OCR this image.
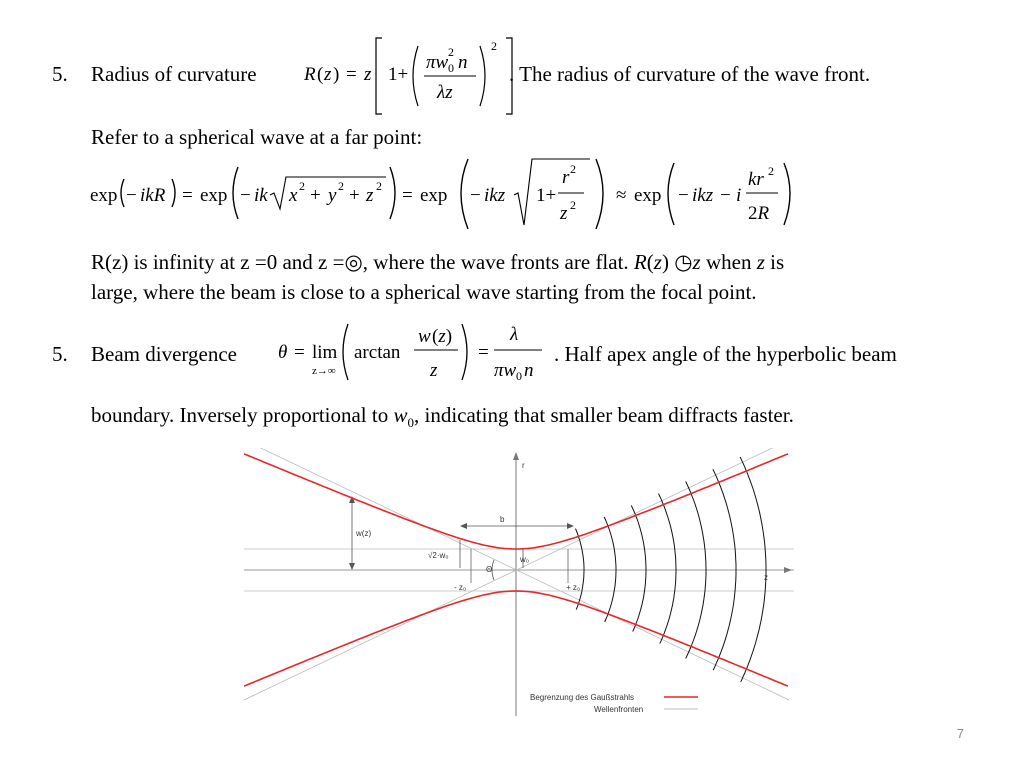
5. Radius of curvature R ( z ) = z 1+
πw 2
0 n
λz
2
. The radius of curvature of the wave front.
Refer to a spherical wave at a far point:
exp − ikR = exp − ik x 2 + y 2 + z 2 = exp − ikz 1+
r 2
z 2 ≈ exp − ikz − i
kr 2
2R
R(z) is infinity at z =0 and z =◎, where the wave fronts are flat. R(z) ◷z when z is
large, where the beam is close to a spherical wave starting from the focal point.
5. Beam divergence θ = lim
z→∞
arctan
w (z)
z
=
λ
πw 0 n
. Half apex angle of the hyperbolic beam
boundary. Inversely proportional to $w_0$, indicating that smaller beam diffracts faster.
r
z
w(z)
b
√2·w₀	w₀
Θ
- z₀	+ z₀
Begrenzung des Gaußstrahls
Wellenfronten
7
